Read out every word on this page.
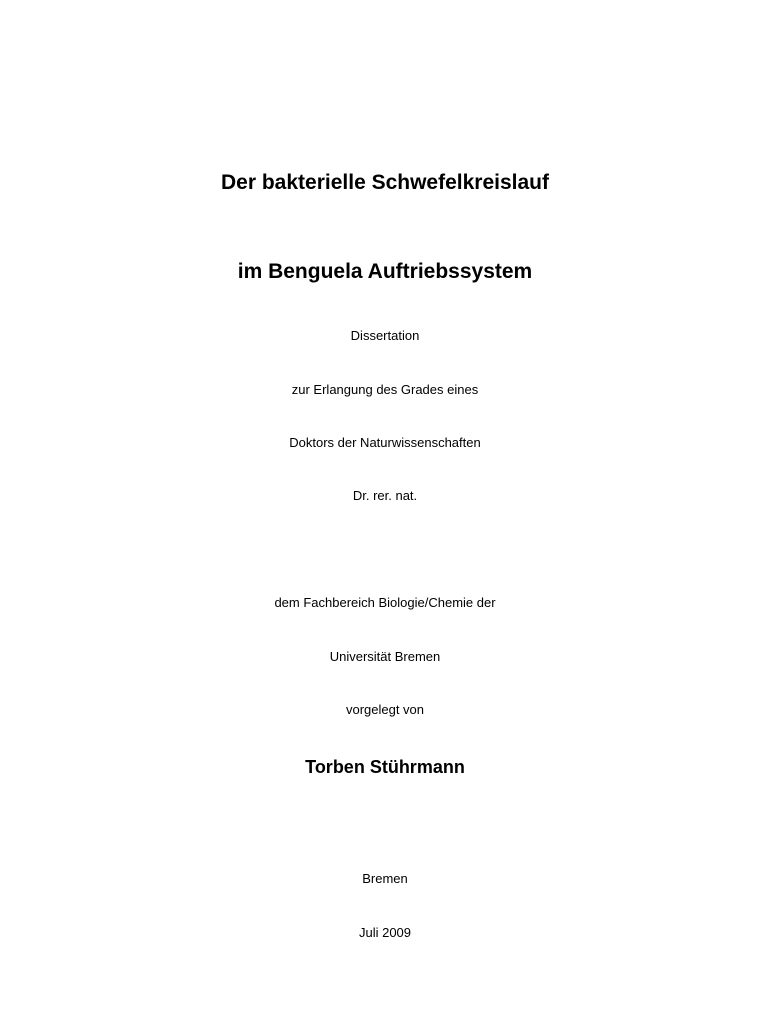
Der bakterielle Schwefelkreislauf
im Benguela Auftriebssystem
Dissertation
zur Erlangung des Grades eines
Doktors der Naturwissenschaften
Dr. rer. nat.
dem Fachbereich Biologie/Chemie der
Universität Bremen
vorgelegt von
Torben Stührmann
Bremen
Juli 2009
